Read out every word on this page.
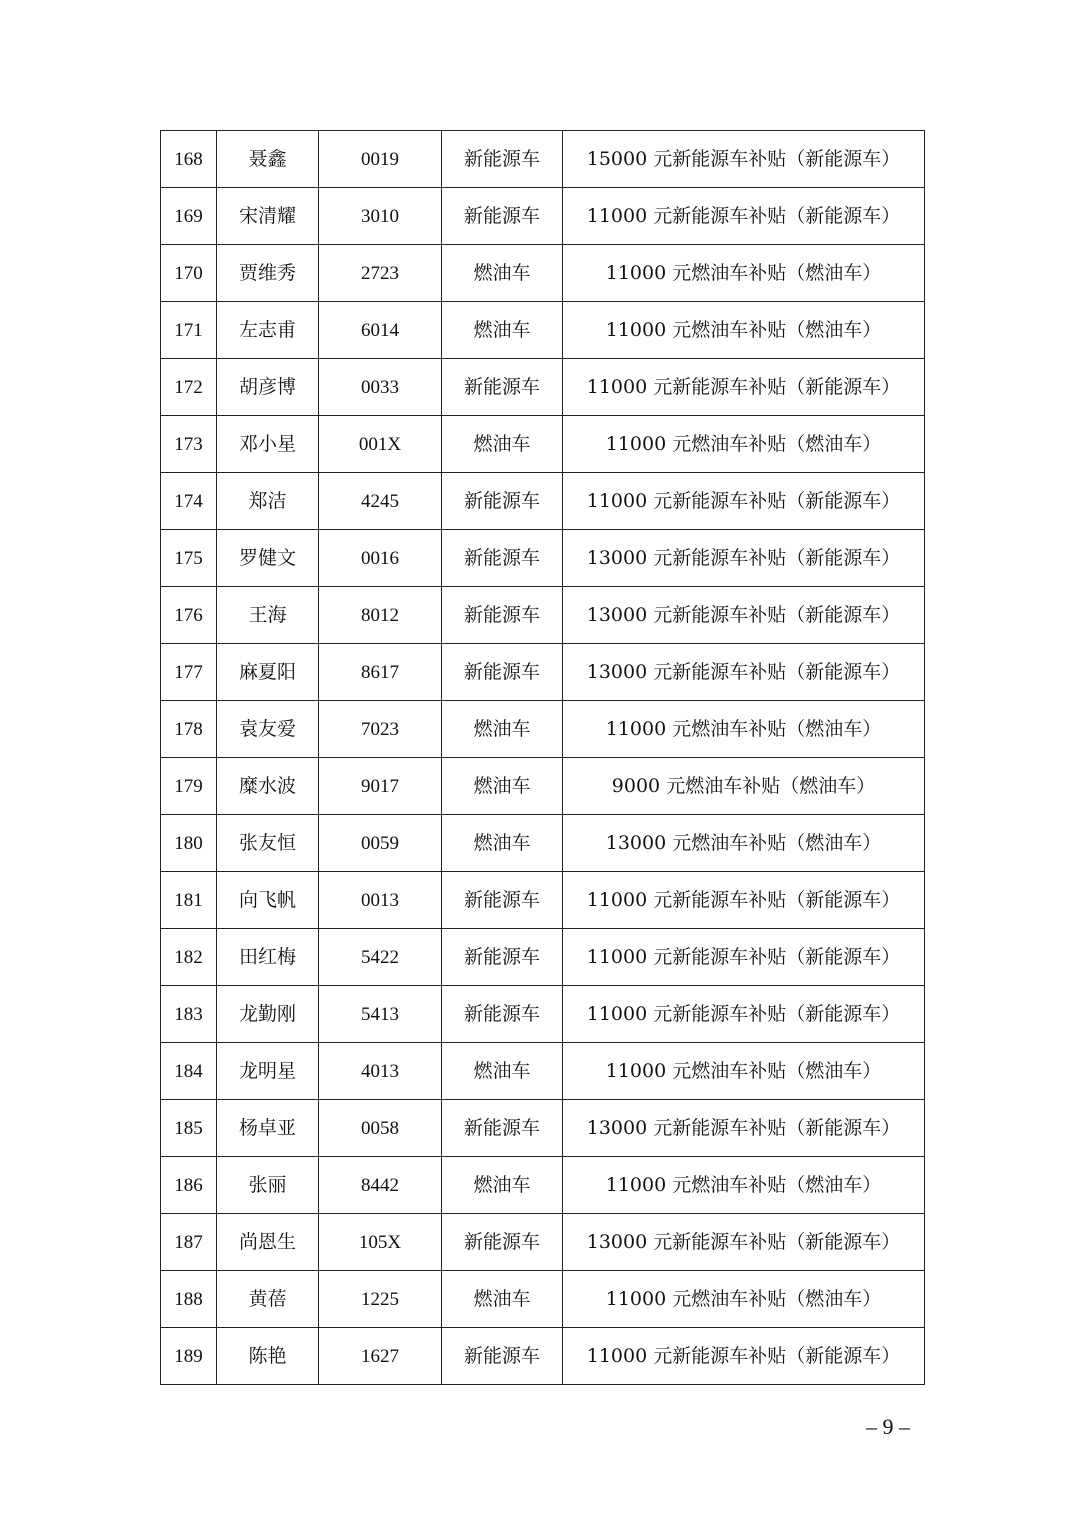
168	聂鑫	0019	新能源车	15000 元新能源车补贴（新能源车）
169	宋清耀	3010	新能源车	11000 元新能源车补贴（新能源车）
170	贾维秀	2723	燃油车	11000 元燃油车补贴（燃油车）
171	左志甫	6014	燃油车	11000 元燃油车补贴（燃油车）
172	胡彦博	0033	新能源车	11000 元新能源车补贴（新能源车）
173	邓小星	001X	燃油车	11000 元燃油车补贴（燃油车）
174	郑洁	4245	新能源车	11000 元新能源车补贴（新能源车）
175	罗健文	0016	新能源车	13000 元新能源车补贴（新能源车）
176	王海	8012	新能源车	13000 元新能源车补贴（新能源车）
177	麻夏阳	8617	新能源车	13000 元新能源车补贴（新能源车）
178	袁友爱	7023	燃油车	11000 元燃油车补贴（燃油车）
179	糜水波	9017	燃油车	9000 元燃油车补贴（燃油车）
180	张友恒	0059	燃油车	13000 元燃油车补贴（燃油车）
181	向飞帆	0013	新能源车	11000 元新能源车补贴（新能源车）
182	田红梅	5422	新能源车	11000 元新能源车补贴（新能源车）
183	龙勤刚	5413	新能源车	11000 元新能源车补贴（新能源车）
184	龙明星	4013	燃油车	11000 元燃油车补贴（燃油车）
185	杨卓亚	0058	新能源车	13000 元新能源车补贴（新能源车）
186	张丽	8442	燃油车	11000 元燃油车补贴（燃油车）
187	尚恩生	105X	新能源车	13000 元新能源车补贴（新能源车）
188	黄蓓	1225	燃油车	11000 元燃油车补贴（燃油车）
189	陈艳	1627	新能源车	11000 元新能源车补贴（新能源车）
– 9 –
